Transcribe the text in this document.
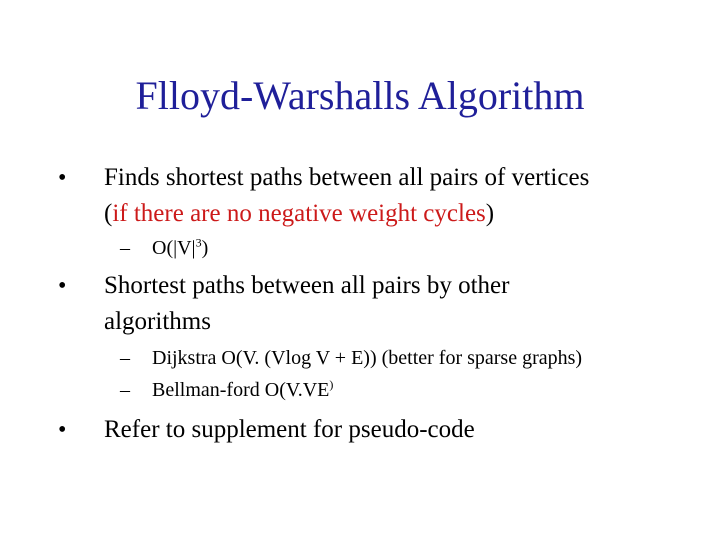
Flloyd-Warshalls Algorithm
• Finds shortest paths between all pairs of vertices
(if there are no negative weight cycles)
– $O(|V|^3)$
• Shortest paths between all pairs by other
algorithms
– Dijkstra O(V. (Vlog V + E)) (better for sparse graphs)
– Bellman-ford O(V.VE)
• Refer to supplement for pseudo-code
